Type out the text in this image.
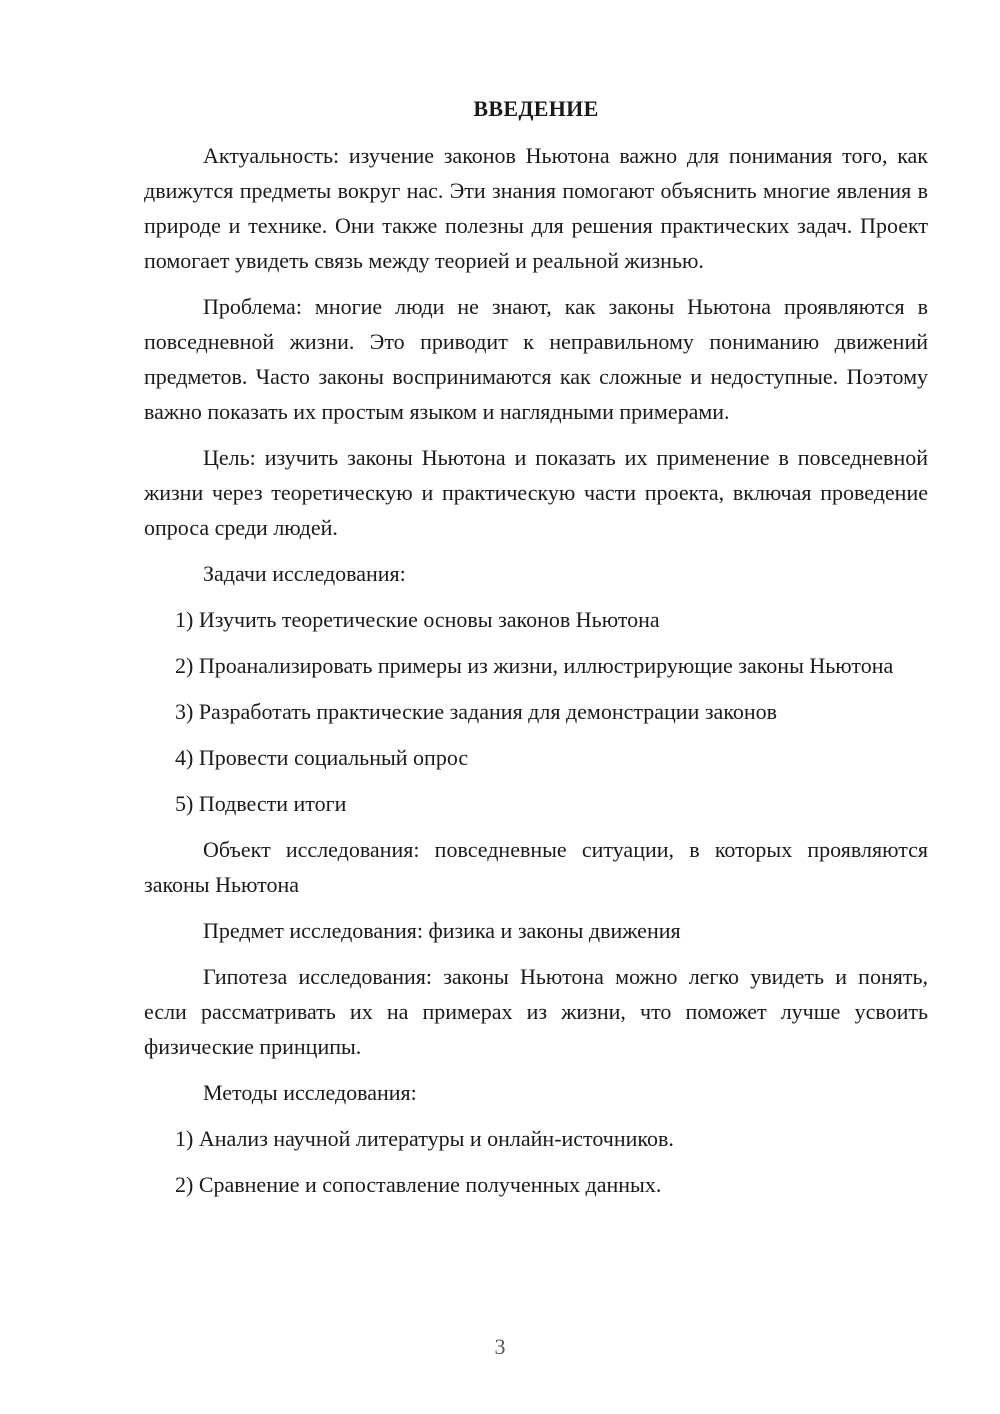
ВВЕДЕНИЕ

Актуальность: изучение законов Ньютона важно для понимания того, как движутся предметы вокруг нас. Эти знания помогают объяснить многие явления в природе и технике. Они также полезны для решения практических задач. Проект помогает увидеть связь между теорией и реальной жизнью.

Проблема: многие люди не знают, как законы Ньютона проявляются в повседневной жизни. Это приводит к неправильному пониманию движений предметов. Часто законы воспринимаются как сложные и недоступные. Поэтому важно показать их простым языком и наглядными примерами.

Цель: изучить законы Ньютона и показать их применение в повседневной жизни через теоретическую и практическую части проекта, включая проведение опроса среди людей.

Задачи исследования:

1) Изучить теоретические основы законов Ньютона

2) Проанализировать примеры из жизни, иллюстрирующие законы Ньютона

3) Разработать практические задания для демонстрации законов

4) Провести социальный опрос

5) Подвести итоги

Объект исследования: повседневные ситуации, в которых проявляются законы Ньютона

Предмет исследования: физика и законы движения

Гипотеза исследования: законы Ньютона можно легко увидеть и понять, если рассматривать их на примерах из жизни, что поможет лучше усвоить физические принципы.

Методы исследования:

1) Анализ научной литературы и онлайн-источников.

2) Сравнение и сопоставление полученных данных.

3
